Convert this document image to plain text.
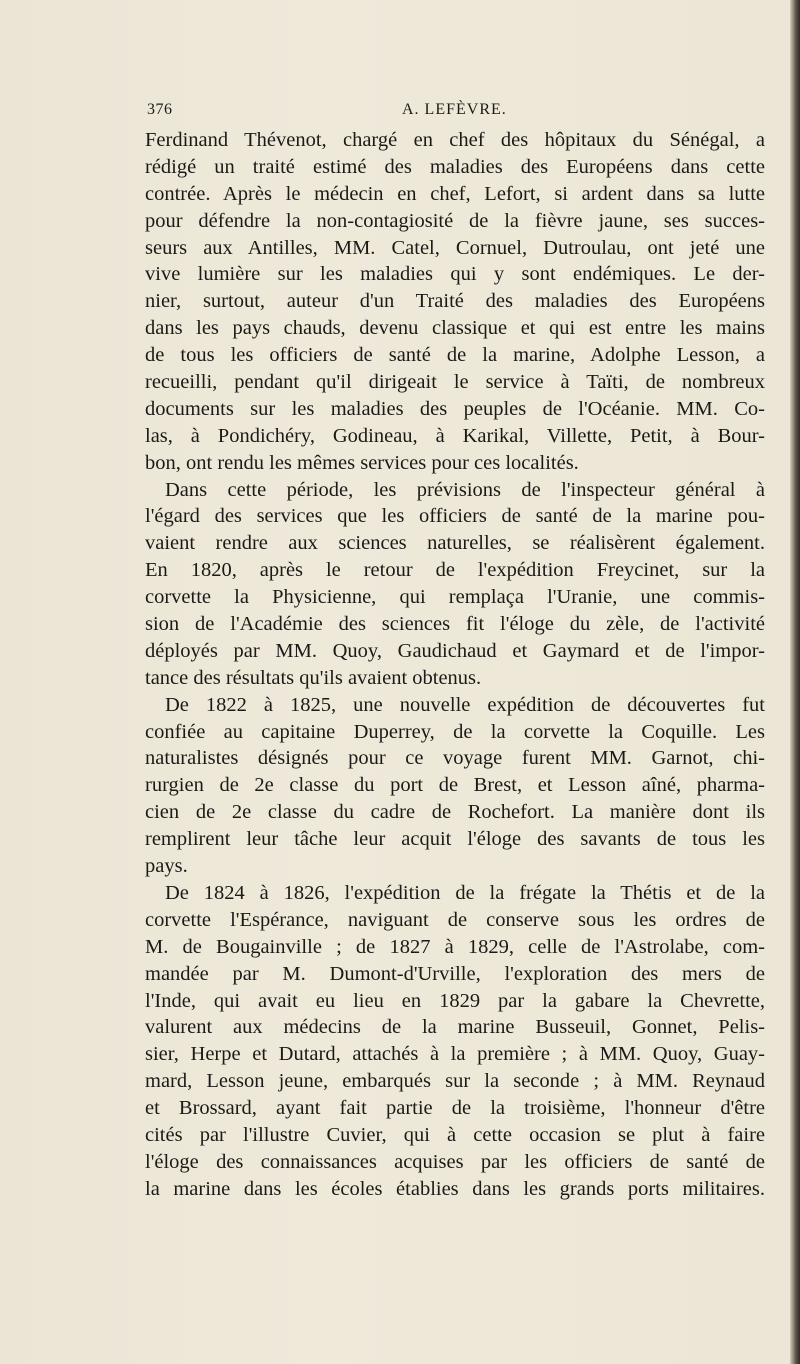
376	A. LEFÈVRE.
Ferdinand Thévenot, chargé en chef des hôpitaux du Sénégal, a
rédigé un traité estimé des maladies des Européens dans cette
contrée. Après le médecin en chef, Lefort, si ardent dans sa lutte
pour défendre la non-contagiosité de la fièvre jaune, ses succes-
seurs aux Antilles, MM. Catel, Cornuel, Dutroulau, ont jeté une
vive lumière sur les maladies qui y sont endémiques. Le der-
nier, surtout, auteur d'un Traité des maladies des Européens
dans les pays chauds, devenu classique et qui est entre les mains
de tous les officiers de santé de la marine, Adolphe Lesson, a
recueilli, pendant qu'il dirigeait le service à Taïti, de nombreux
documents sur les maladies des peuples de l'Océanie. MM. Co-
las, à Pondichéry, Godineau, à Karikal, Villette, Petit, à Bour-
bon, ont rendu les mêmes services pour ces localités.
Dans cette période, les prévisions de l'inspecteur général à
l'égard des services que les officiers de santé de la marine pou-
vaient rendre aux sciences naturelles, se réalisèrent également.
En 1820, après le retour de l'expédition Freycinet, sur la
corvette la Physicienne, qui remplaça l'Uranie, une commis-
sion de l'Académie des sciences fit l'éloge du zèle, de l'activité
déployés par MM. Quoy, Gaudichaud et Gaymard et de l'impor-
tance des résultats qu'ils avaient obtenus.
De 1822 à 1825, une nouvelle expédition de découvertes fut
confiée au capitaine Duperrey, de la corvette la Coquille. Les
naturalistes désignés pour ce voyage furent MM. Garnot, chi-
rurgien de 2e classe du port de Brest, et Lesson aîné, pharma-
cien de 2e classe du cadre de Rochefort. La manière dont ils
remplirent leur tâche leur acquit l'éloge des savants de tous les
pays.
De 1824 à 1826, l'expédition de la frégate la Thétis et de la
corvette l'Espérance, naviguant de conserve sous les ordres de
M. de Bougainville ; de 1827 à 1829, celle de l'Astrolabe, com-
mandée par M. Dumont-d'Urville, l'exploration des mers de
l'Inde, qui avait eu lieu en 1829 par la gabare la Chevrette,
valurent aux médecins de la marine Busseuil, Gonnet, Pelis-
sier, Herpe et Dutard, attachés à la première ; à MM. Quoy, Guay-
mard, Lesson jeune, embarqués sur la seconde ; à MM. Reynaud
et Brossard, ayant fait partie de la troisième, l'honneur d'être
cités par l'illustre Cuvier, qui à cette occasion se plut à faire
l'éloge des connaissances acquises par les officiers de santé de
la marine dans les écoles établies dans les grands ports militaires.
